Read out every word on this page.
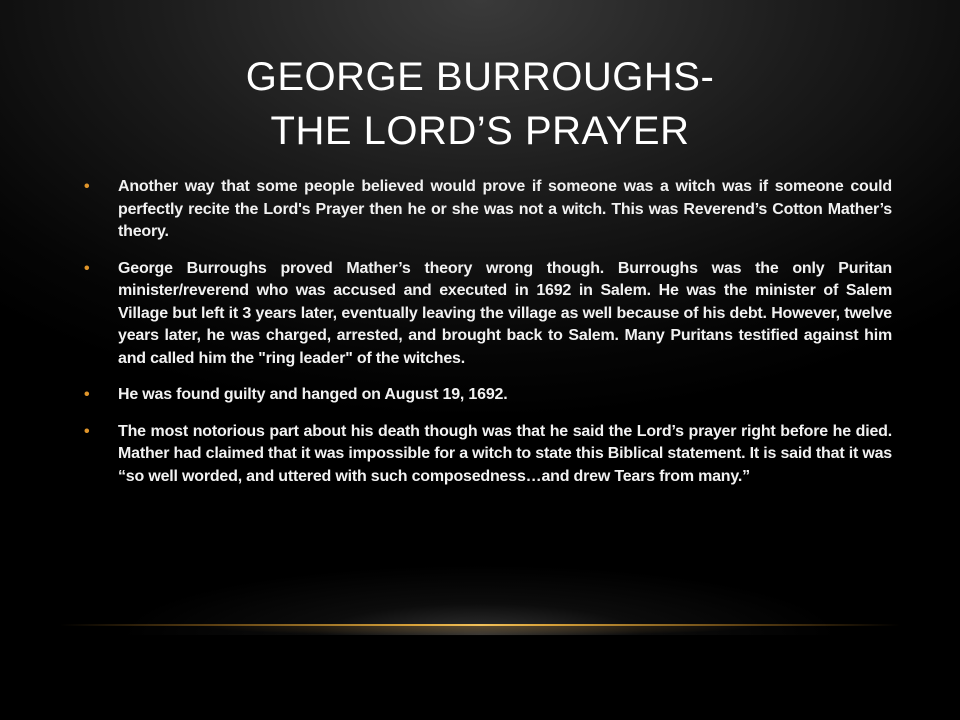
GEORGE BURROUGHS-
THE LORD’S PRAYER
• Another way that some people believed would prove if someone was a witch was if someone could perfectly recite the Lord's Prayer then he or she was not a witch. This was Reverend’s Cotton Mather’s theory.
• George Burroughs proved Mather’s theory wrong though. Burroughs was the only Puritan minister/reverend who was accused and executed in 1692 in Salem. He was the minister of Salem Village but left it 3 years later, eventually leaving the village as well because of his debt. However, twelve years later, he was charged, arrested, and brought back to Salem. Many Puritans testified against him and called him the "ring leader" of the witches.
• He was found guilty and hanged on August 19, 1692.
• The most notorious part about his death though was that he said the Lord’s prayer right before he died. Mather had claimed that it was impossible for a witch to state this Biblical statement. It is said that it was “so well worded, and uttered with such composedness…and drew Tears from many.”
